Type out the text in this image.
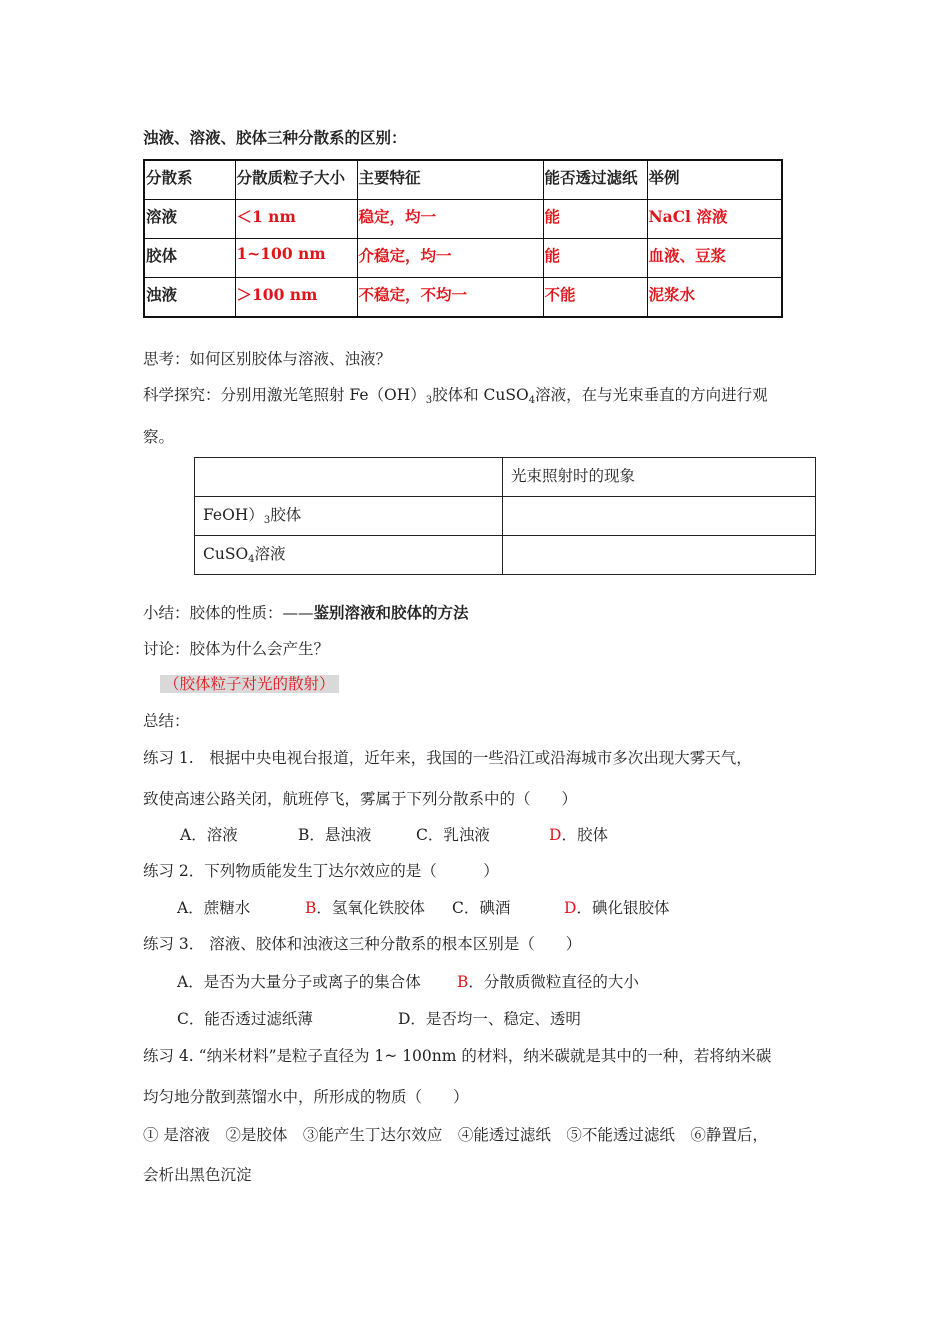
浊液、溶液、胶体三种分散系的区别：
分散系	分散质粒子大小	主要特征	能否透过滤纸	举例
溶液	＜1 nm	稳定，均一	能	NaCl 溶液
胶体	1~100 nm	介稳定，均一	能	血液、豆浆
浊液	＞100 nm	不稳定，不均一	不能	泥浆水
思考：如何区别胶体与溶液、浊液？
科学探究：分别用激光笔照射 $Fe(OH)_3$胶体和 CuSO$_4$溶液，在与光束垂直的方向进行观
察。
	光束照射时的现象
$FeOH)_3$胶体	
CuSO$_4$溶液	
小结：胶体的性质：——鉴别溶液和胶体的方法
讨论：胶体为什么会产生？
（胶体粒子对光的散射）
总结：
练习 1.　根据中央电视台报道，近年来，我国的一些沿江或沿海城市多次出现大雾天气，
致使高速公路关闭，航班停飞，雾属于下列分散系中的（　　）
A．溶液	B．悬浊液	C．乳浊液	D．胶体
练习 2．下列物质能发生丁达尔效应的是（　　　）
A．蔗糖水	B．氢氧化铁胶体 C．碘酒	D．碘化银胶体
练习 3． 溶液、胶体和浊液这三种分散系的根本区别是（　　）
A．是否为大量分子或离子的集合体 B．分散质微粒直径的大小
C．能否透过滤纸薄	D．是否均一、稳定、透明
练习 4. “纳米材料”是粒子直径为 1~ 100nm 的材料，纳米碳就是其中的一种，若将纳米碳
均匀地分散到蒸馏水中，所形成的物质（　　）
① 是溶液　②是胶体　③能产生丁达尔效应　④能透过滤纸　⑤不能透过滤纸　⑥静置后，
会析出黑色沉淀
